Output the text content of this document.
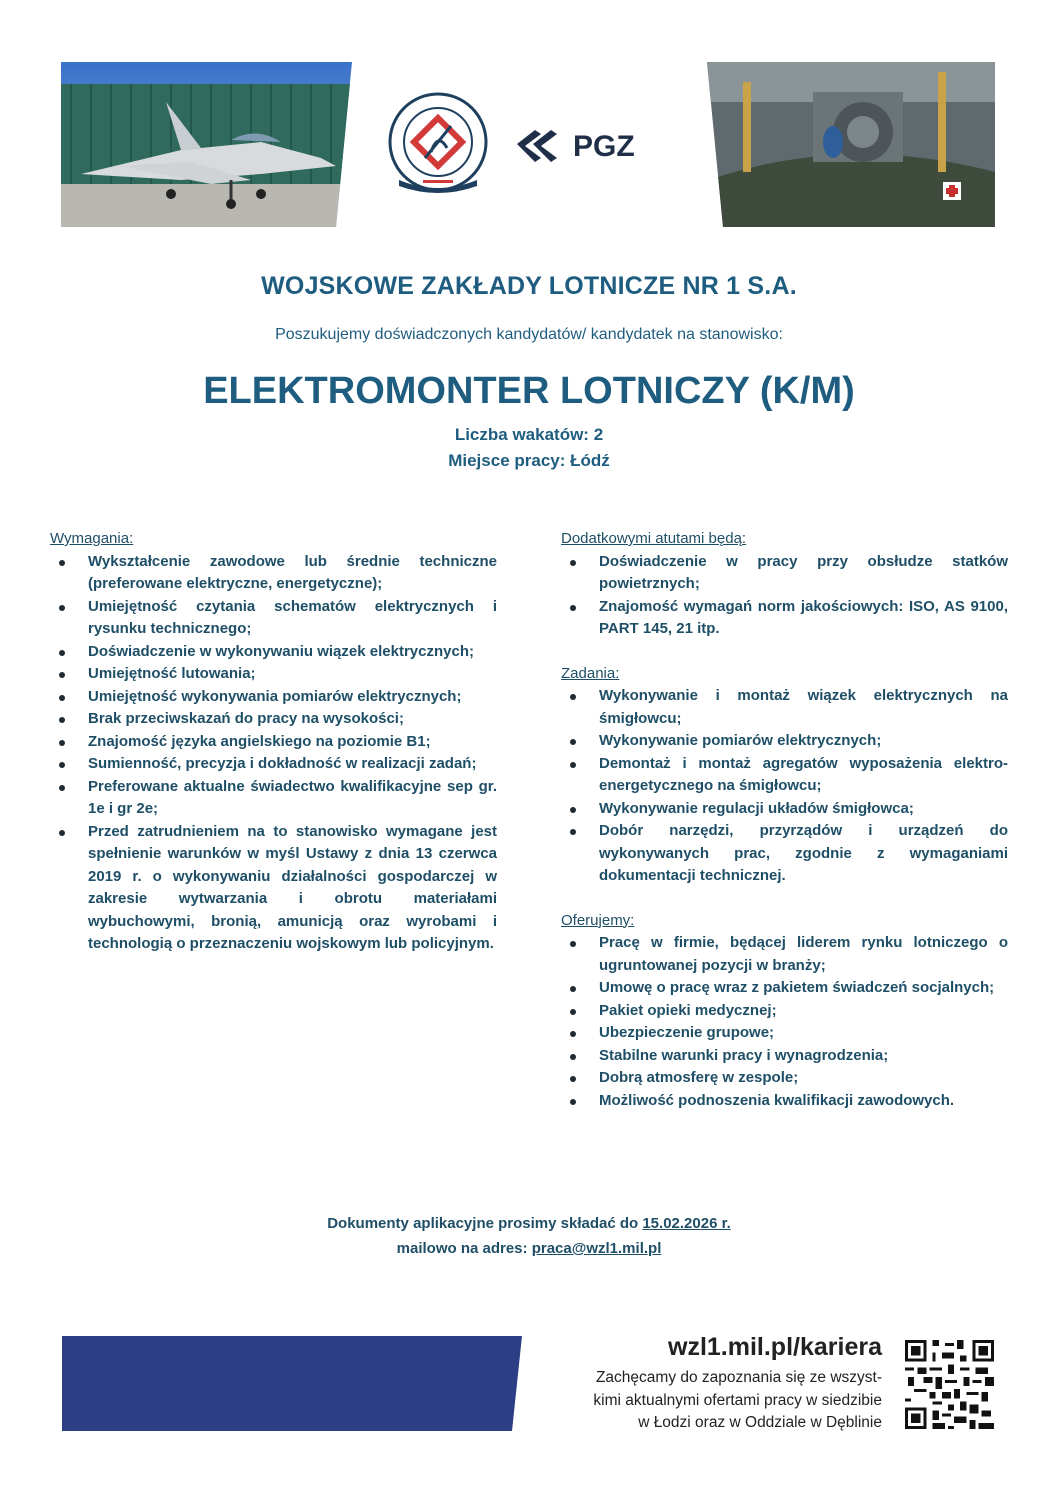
PGZ
WOJSKOWE ZAKŁADY LOTNICZE NR 1 S.A.

Poszukujemy doświadczonych kandydatów/ kandydatek na stanowisko:

ELEKTROMONTER LOTNICZY (K/M)

Liczba wakatów: 2

Miejsce pracy: Łódź

Wymagania:
Wykształcenie zawodowe lub średnie techniczne (preferowane elektryczne, energetyczne);
Umiejętność czytania schematów elektrycznych i rysunku technicznego;
Doświadczenie w wykonywaniu wiązek elektrycznych;
Umiejętność lutowania;
Umiejętność wykonywania pomiarów elektrycznych;
Brak przeciwskazań do pracy na wysokości;
Znajomość języka angielskiego na poziomie B1;
Sumienność, precyzja i dokładność w realizacji zadań;
Preferowane aktualne świadectwo kwalifikacyjne sep gr. 1e i gr 2e;
Przed zatrudnieniem na to stanowisko wymagane jest spełnienie warunków w myśl Ustawy z dnia 13 czerwca 2019 r. o wykonywaniu działalności gospodarczej w zakresie wytwarzania i obrotu materiałami wybuchowymi, bronią, amunicją oraz wyrobami i technologią o przeznaczeniu wojskowym lub policyjnym.
Dodatkowymi atutami będą:
Doświadczenie w pracy przy obsłudze statków powietrznych;
Znajomość wymagań norm jakościowych: ISO, AS 9100, PART 145, 21 itp.
Zadania:
Wykonywanie i montaż wiązek elektrycznych na śmigłowcu;
Wykonywanie pomiarów elektrycznych;
Demontaż i montaż agregatów wyposażenia elektro-energetycznego na śmigłowcu;
Wykonywanie regulacji układów śmigłowca;
Dobór narzędzi, przyrządów i urządzeń do wykonywanych prac, zgodnie z wymaganiami dokumentacji technicznej.
Oferujemy:
Pracę w firmie, będącej liderem rynku lotniczego o ugruntowanej pozycji w branży;
Umowę o pracę wraz z pakietem świadczeń socjalnych;
Pakiet opieki medycznej;
Ubezpieczenie grupowe;
Stabilne warunki pracy i wynagrodzenia;
Dobrą atmosferę w zespole;
Możliwość podnoszenia kwalifikacji zawodowych.

Dokumenty aplikacyjne prosimy składać do 15.02.2026 r.

mailowo na adres: praca@wzl1.mil.pl

wzl1.mil.pl/kariera
Zachęcamy do zapoznania się ze wszyst-
kimi aktualnymi ofertami pracy w siedzibie
w Łodzi oraz w Oddziale w Dęblinie
